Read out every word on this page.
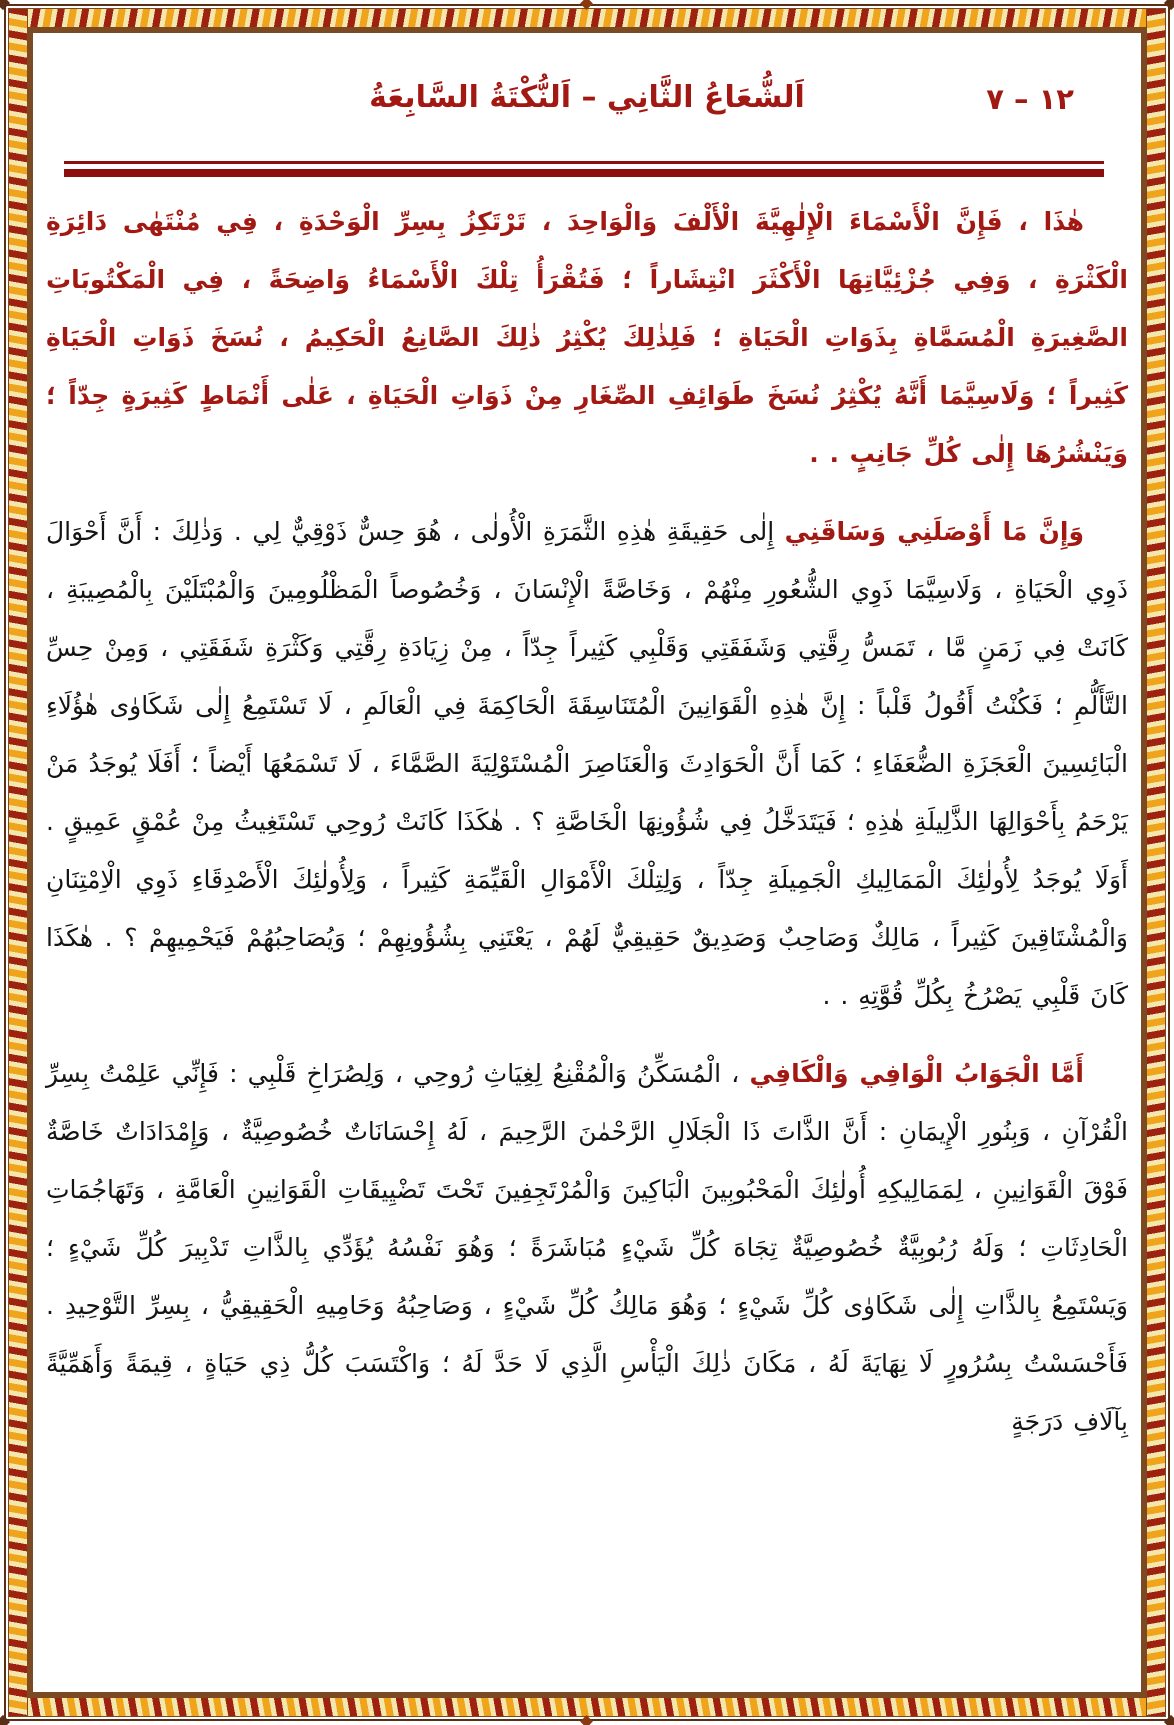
اَلشُّعَاعُ الثَّانِي – اَلنُّكْتَةُ السَّابِعَةُ	١٢ – ٧

هٰذَا ، فَإِنَّ الْأَسْمَاءَ الْإِلٰهِيَّةَ الْأَلْفَ وَالْوَاحِدَ ، تَرْتَكِزُ بِسِرِّ الْوَحْدَةِ ، فِي مُنْتَهٰى دَائِرَةِ الْكَثْرَةِ ، وَفِي جُزْئِيَّاتِهَا الْأَكْثَرَ انْتِشَاراً ؛ فَتُقْرَأُ تِلْكَ الْأَسْمَاءُ وَاضِحَةً ، فِي الْمَكْتُوبَاتِ الصَّغِيرَةِ الْمُسَمَّاةِ بِذَوَاتِ الْحَيَاةِ ؛ فَلِذٰلِكَ يُكْثِرُ ذٰلِكَ الصَّانِعُ الْحَكِيمُ ، نُسَخَ ذَوَاتِ الْحَيَاةِ كَثِيراً ؛ وَلَاسِيَّمَا أَنَّهُ يُكْثِرُ نُسَخَ طَوَائِفِ الصِّغَارِ مِنْ ذَوَاتِ الْحَيَاةِ ، عَلٰى أَنْمَاطٍ كَثِيرَةٍ جِدّاً ؛ وَيَنْشُرُهَا إِلٰى كُلِّ جَانِبٍ . .

وَإِنَّ مَا أَوْصَلَنِي وَسَاقَنِي إِلٰى حَقِيقَةِ هٰذِهِ الثَّمَرَةِ الْأُولٰى ، هُوَ حِسٌّ ذَوْقِيٌّ لِي . وَذٰلِكَ : أَنَّ أَحْوَالَ ذَوِي الْحَيَاةِ ، وَلَاسِيَّمَا ذَوِي الشُّعُورِ مِنْهُمْ ، وَخَاصَّةً الْإِنْسَانَ ، وَخُصُوصاً الْمَظْلُومِينَ وَالْمُبْتَلَيْنَ بِالْمُصِيبَةِ ، كَانَتْ فِي زَمَنٍ مَّا ، تَمَسُّ رِقَّتِي وَشَفَقَتِي وَقَلْبِي كَثِيراً جِدّاً ، مِنْ زِيَادَةِ رِقَّتِي وَكَثْرَةِ شَفَقَتِي ، وَمِنْ حِسِّ التَّأَلُّمِ ؛ فَكُنْتُ أَقُولُ قَلْباً : إِنَّ هٰذِهِ الْقَوَانِينَ الْمُتَنَاسِقَةَ الْحَاكِمَةَ فِي الْعَالَمِ ، لَا تَسْتَمِعُ إِلٰى شَكَاوٰى هٰؤُلَاءِ الْبَائِسِينَ الْعَجَزَةِ الضُّعَفَاءِ ؛ كَمَا أَنَّ الْحَوَادِثَ وَالْعَنَاصِرَ الْمُسْتَوْلِيَةَ الصَّمَّاءَ ، لَا تَسْمَعُهَا أَيْضاً ؛ أَفَلَا يُوجَدُ مَنْ يَرْحَمُ بِأَحْوَالِهَا الذَّلِيلَةِ هٰذِهِ ؛ فَيَتَدَخَّلُ فِي شُؤُونِهَا الْخَاصَّةِ ؟ . هٰكَذَا كَانَتْ رُوحِي تَسْتَغِيثُ مِنْ عُمْقٍ عَمِيقٍ . أَوَلَا يُوجَدُ لِأُولٰئِكَ الْمَمَالِيكِ الْجَمِيلَةِ جِدّاً ، وَلِتِلْكَ الْأَمْوَالِ الْقَيِّمَةِ كَثِيراً ، وَلِأُولٰئِكَ الْأَصْدِقَاءِ ذَوِي الْاِمْتِنَانِ وَالْمُشْتَاقِينَ كَثِيراً ، مَالِكٌ وَصَاحِبٌ وَصَدِيقٌ حَقِيقِيٌّ لَهُمْ ، يَعْتَنِي بِشُؤُونِهِمْ ؛ وَيُصَاحِبُهُمْ فَيَحْمِيهِمْ ؟ . هٰكَذَا كَانَ قَلْبِي يَصْرُخُ بِكُلِّ قُوَّتِهِ . .

أَمَّا الْجَوَابُ الْوَافِي وَالْكَافِي ، الْمُسَكِّنُ وَالْمُقْنِعُ لِغِيَاثِ رُوحِي ، وَلِصُرَاخِ قَلْبِي : فَإِنِّي عَلِمْتُ بِسِرِّ الْقُرْآنِ ، وَبِنُورِ الْإِيمَانِ : أَنَّ الذَّاتَ ذَا الْجَلَالِ الرَّحْمٰنَ الرَّحِيمَ ، لَهُ إِحْسَانَاتٌ خُصُوصِيَّةٌ ، وَإِمْدَادَاتٌ خَاصَّةٌ فَوْقَ الْقَوَانِينِ ، لِمَمَالِيكِهِ أُولٰئِكَ الْمَحْبُوبِينَ الْبَاكِينَ وَالْمُرْتَجِفِينَ تَحْتَ تَضْيِيقَاتِ الْقَوَانِينِ الْعَامَّةِ ، وَتَهَاجُمَاتِ الْحَادِثَاتِ ؛ وَلَهُ رُبُوبِيَّةٌ خُصُوصِيَّةٌ تِجَاهَ كُلِّ شَيْءٍ مُبَاشَرَةً ؛ وَهُوَ نَفْسُهُ يُؤَدِّي بِالذَّاتِ تَدْبِيرَ كُلِّ شَيْءٍ ؛ وَيَسْتَمِعُ بِالذَّاتِ إِلٰى شَكَاوٰى كُلِّ شَيْءٍ ؛ وَهُوَ مَالِكُ كُلِّ شَيْءٍ ، وَصَاحِبُهُ وَحَامِيهِ الْحَقِيقِيُّ ، بِسِرِّ التَّوْحِيدِ . فَأَحْسَسْتُ بِسُرُورٍ لَا نِهَايَةَ لَهُ ، مَكَانَ ذٰلِكَ الْيَأْسِ الَّذِي لَا حَدَّ لَهُ ؛ وَاكْتَسَبَ كُلُّ ذِي حَيَاةٍ ، قِيمَةً وَأَهَمِّيَّةً بِآلَافِ دَرَجَةٍ
